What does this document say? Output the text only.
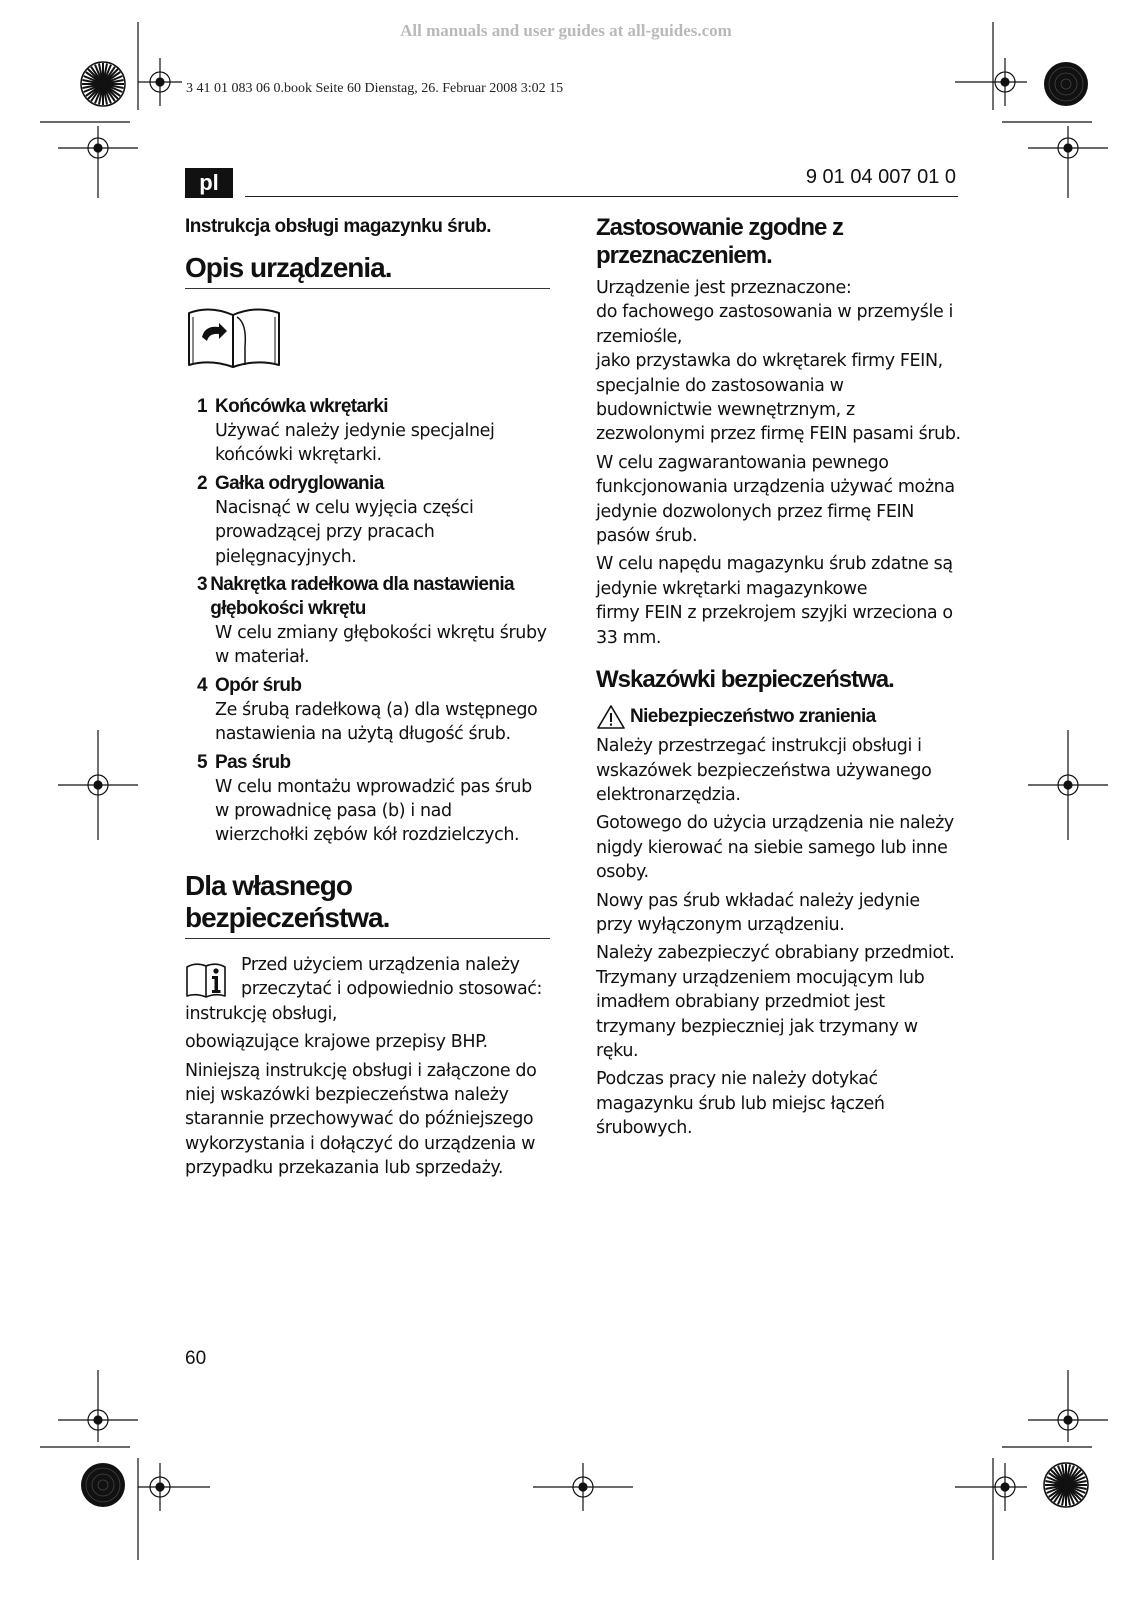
All manuals and user guides at all-guides.com
3 41 01 083 06 0.book Seite 60 Dienstag, 26. Februar 2008 3:02 15
pl	9 01 04 007 01 0
Instrukcja obsługi magazynku śrub.
Opis urządzenia.
1 Końcówka wkrętarki

Używać należy jedynie specjalnej końcówki wkrętarki.

2 Gałka odryglowania

Nacisnąć w celu wyjęcia części prowadzącej przy pracach pielęgnacyjnych.

3 Nakrętka radełkowa dla nastawienia głębokości wkrętu

W celu zmiany głębokości wkrętu śruby w materiał.

4 Opór śrub

Ze śrubą radełkową (a) dla wstępnego nastawienia na użytą długość śrub.

5 Pas śrub

W celu montażu wprowadzić pas śrub w prowadnicę pasa (b) i nad wierzchołki zębów kół rozdzielczych.

Dla własnego bezpieczeństwa.

Przed użyciem urządzenia należy przeczytać i odpowiednio stosować:

instrukcję obsługi,

obowiązujące krajowe przepisy BHP.

Niniejszą instrukcję obsługi i załączone do niej wskazówki bezpieczeństwa należy starannie przechowywać do późniejszego wykorzystania i dołączyć do urządzenia w przypadku przekazania lub sprzedaży.

Zastosowanie zgodne z przeznaczeniem.

Urządzenie jest przeznaczone:
do fachowego zastosowania w przemyśle i rzemiośle,
jako przystawka do wkrętarek firmy FEIN, specjalnie do zastosowania w budownictwie wewnętrznym, z zezwolonymi przez firmę FEIN pasami śrub.

W celu zagwarantowania pewnego funkcjonowania urządzenia używać można jedynie dozwolonych przez firmę FEIN pasów śrub.

W celu napędu magazynku śrub zdatne są jedynie wkrętarki magazynkowe
firmy FEIN z przekrojem szyjki wrzeciona o 33 mm.

Wskazówki bezpieczeństwa.
Niebezpieczeństwo zranienia

Należy przestrzegać instrukcji obsługi i wskazówek bezpieczeństwa używanego elektronarzędzia.

Gotowego do użycia urządzenia nie należy nigdy kierować na siebie samego lub inne osoby.

Nowy pas śrub wkładać należy jedynie przy wyłączonym urządzeniu.

Należy zabezpieczyć obrabiany przedmiot. Trzymany urządzeniem mocującym lub imadłem obrabiany przedmiot jest trzymany bezpieczniej jak trzymany w ręku.

Podczas pracy nie należy dotykać magazynku śrub lub miejsc łączeń śrubowych.

60
